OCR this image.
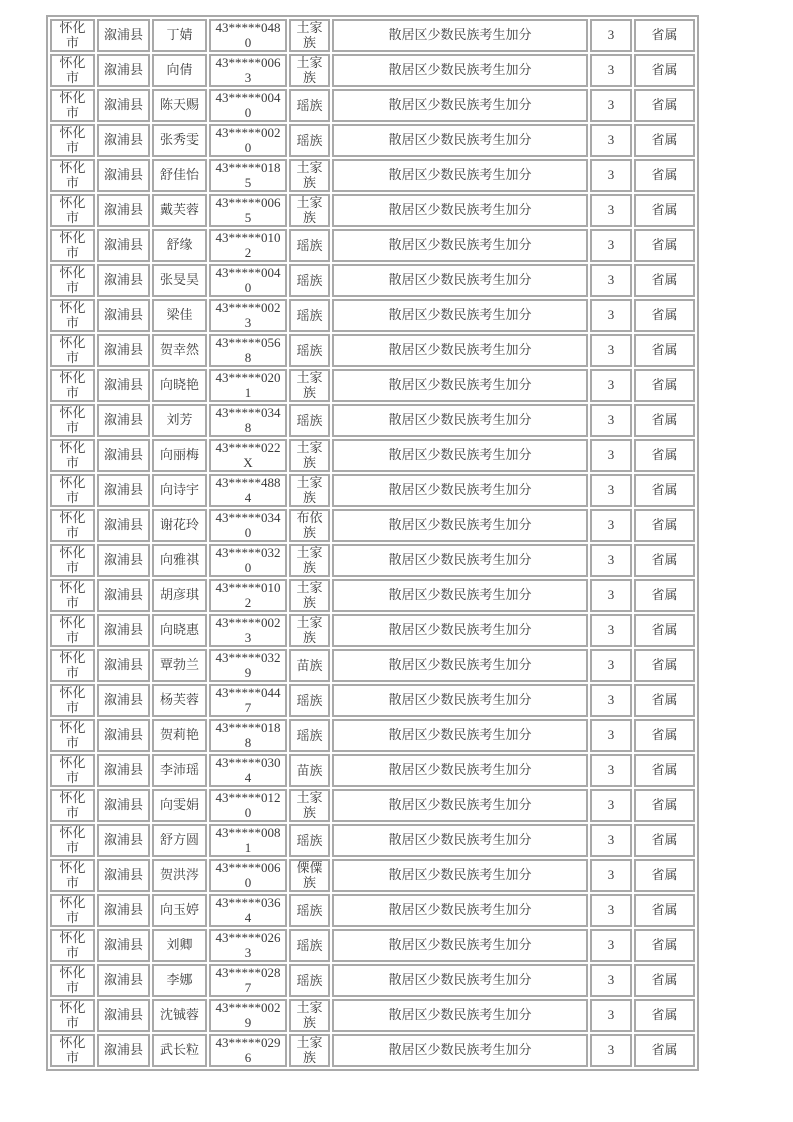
怀化市	溆浦县	丁婧	43*****0480	土家族	散居区少数民族考生加分	3	省属
怀化市	溆浦县	向倩	43*****0063	土家族	散居区少数民族考生加分	3	省属
怀化市	溆浦县	陈天赐	43*****0040	瑶族	散居区少数民族考生加分	3	省属
怀化市	溆浦县	张秀雯	43*****0020	瑶族	散居区少数民族考生加分	3	省属
怀化市	溆浦县	舒佳怡	43*****0185	土家族	散居区少数民族考生加分	3	省属
怀化市	溆浦县	戴芙蓉	43*****0065	土家族	散居区少数民族考生加分	3	省属
怀化市	溆浦县	舒缘	43*****0102	瑶族	散居区少数民族考生加分	3	省属
怀化市	溆浦县	张旻昊	43*****0040	瑶族	散居区少数民族考生加分	3	省属
怀化市	溆浦县	梁佳	43*****0023	瑶族	散居区少数民族考生加分	3	省属
怀化市	溆浦县	贺幸然	43*****0568	瑶族	散居区少数民族考生加分	3	省属
怀化市	溆浦县	向晓艳	43*****0201	土家族	散居区少数民族考生加分	3	省属
怀化市	溆浦县	刘芳	43*****0348	瑶族	散居区少数民族考生加分	3	省属
怀化市	溆浦县	向丽梅	43*****022X	土家族	散居区少数民族考生加分	3	省属
怀化市	溆浦县	向诗宇	43*****4884	土家族	散居区少数民族考生加分	3	省属
怀化市	溆浦县	谢花玲	43*****0340	布依族	散居区少数民族考生加分	3	省属
怀化市	溆浦县	向雅祺	43*****0320	土家族	散居区少数民族考生加分	3	省属
怀化市	溆浦县	胡彦琪	43*****0102	土家族	散居区少数民族考生加分	3	省属
怀化市	溆浦县	向晓惠	43*****0023	土家族	散居区少数民族考生加分	3	省属
怀化市	溆浦县	覃勃兰	43*****0329	苗族	散居区少数民族考生加分	3	省属
怀化市	溆浦县	杨芙蓉	43*****0447	瑶族	散居区少数民族考生加分	3	省属
怀化市	溆浦县	贺莉艳	43*****0188	瑶族	散居区少数民族考生加分	3	省属
怀化市	溆浦县	李沛瑶	43*****0304	苗族	散居区少数民族考生加分	3	省属
怀化市	溆浦县	向雯娟	43*****0120	土家族	散居区少数民族考生加分	3	省属
怀化市	溆浦县	舒方圆	43*****0081	瑶族	散居区少数民族考生加分	3	省属
怀化市	溆浦县	贺洪涔	43*****0060	傈僳族	散居区少数民族考生加分	3	省属
怀化市	溆浦县	向玉婷	43*****0364	瑶族	散居区少数民族考生加分	3	省属
怀化市	溆浦县	刘卿	43*****0263	瑶族	散居区少数民族考生加分	3	省属
怀化市	溆浦县	李娜	43*****0287	瑶族	散居区少数民族考生加分	3	省属
怀化市	溆浦县	沈铖蓉	43*****0029	土家族	散居区少数民族考生加分	3	省属
怀化市	溆浦县	武长粒	43*****0296	土家族	散居区少数民族考生加分	3	省属
